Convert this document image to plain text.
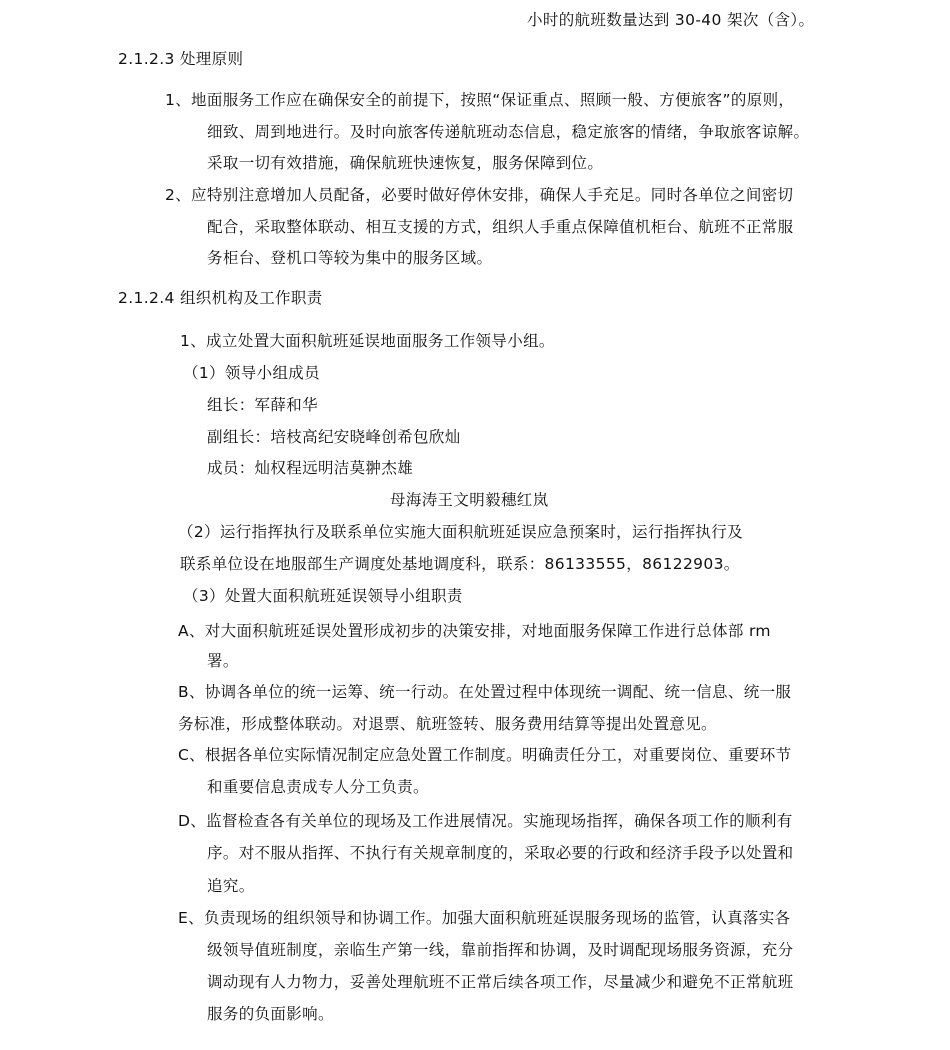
小时的航班数量达到 30-40 架次（含）。
2.1.2.3 处理原则
1、地面服务工作应在确保安全的前提下，按照“保证重点、照顾一般、方便旅客”的原则，
细致、周到地进行。及时向旅客传递航班动态信息，稳定旅客的情绪，争取旅客谅解。
采取一切有效措施，确保航班快速恢复，服务保障到位。
2、应特别注意增加人员配备，必要时做好停休安排，确保人手充足。同时各单位之间密切
配合，采取整体联动、相互支援的方式，组织人手重点保障值机柜台、航班不正常服
务柜台、登机口等较为集中的服务区域。
2.1.2.4 组织机构及工作职责
1、成立处置大面积航班延误地面服务工作领导小组。
（1）领导小组成员
组长：军薛和华
副组长：培枝高纪安晓峰创希包欣灿
成员：灿权程远明洁莫翀杰雄
母海涛王文明毅穗红岚
（2）运行指挥执行及联系单位实施大面积航班延误应急预案时，运行指挥执行及
联系单位设在地服部生产调度处基地调度科，联系：86133555，86122903。
（3）处置大面积航班延误领导小组职责
A、对大面积航班延误处置形成初步的决策安排，对地面服务保障工作进行总体部 rm
署。
B、协调各单位的统一运筹、统一行动。在处置过程中体现统一调配、统一信息、统一服
务标准，形成整体联动。对退票、航班签转、服务费用结算等提出处置意见。
C、根据各单位实际情况制定应急处置工作制度。明确责任分工，对重要岗位、重要环节
和重要信息责成专人分工负责。
D、监督检查各有关单位的现场及工作进展情况。实施现场指挥，确保各项工作的顺利有
序。对不服从指挥、不执行有关规章制度的，采取必要的行政和经济手段予以处置和
追究。
E、负责现场的组织领导和协调工作。加强大面积航班延误服务现场的监管，认真落实各
级领导值班制度，亲临生产第一线，靠前指挥和协调，及时调配现场服务资源，充分
调动现有人力物力，妥善处理航班不正常后续各项工作，尽量减少和避免不正常航班
服务的负面影响。
